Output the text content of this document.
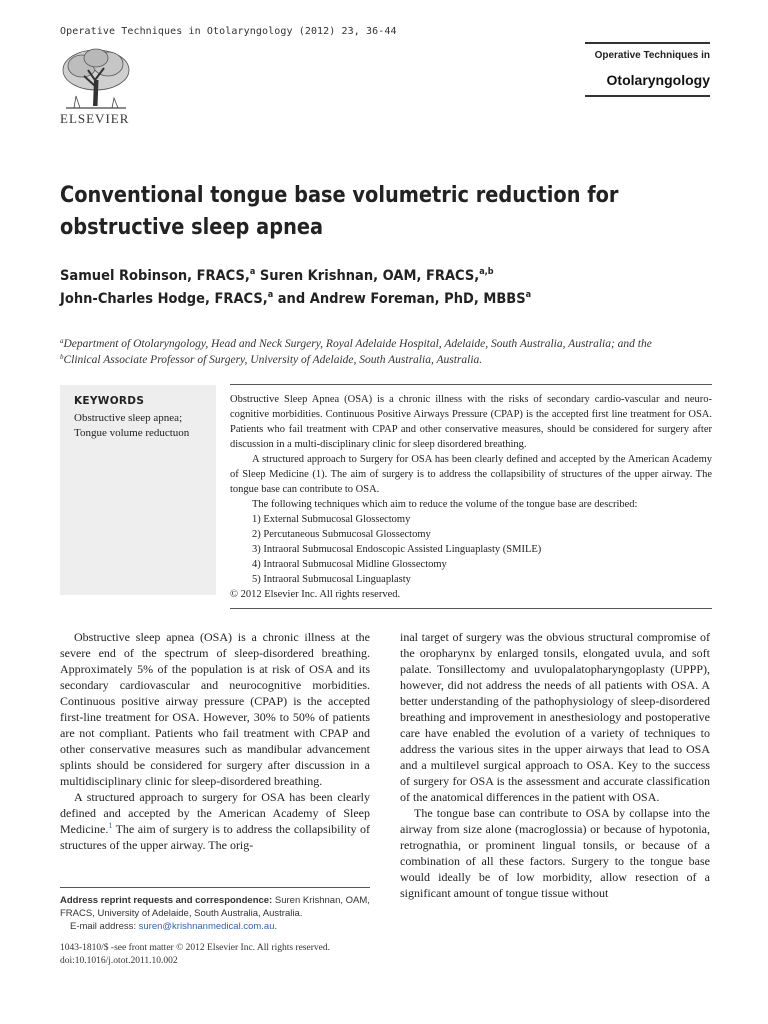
Operative Techniques in Otolaryngology (2012) 23, 36-44
ELSEVIER
Operative Techniques in
Otolaryngology
Conventional tongue base volumetric reduction for obstructive sleep apnea
Samuel Robinson, FRACS,$^a$ Suren Krishnan, OAM, FRACS,$^{a,b}$
John-Charles Hodge, FRACS,$^a$ and Andrew Foreman, PhD, MBBS$^a$
$^a$Department of Otolaryngology, Head and Neck Surgery, Royal Adelaide Hospital, Adelaide, South Australia, Australia; and the
$^b$Clinical Associate Professor of Surgery, University of Adelaide, South Australia, Australia.
KEYWORDS
Obstructive sleep apnea;
Tongue volume reductuon
Obstructive Sleep Apnea (OSA) is a chronic illness with the risks of secondary cardio-vascular and neuro-cognitive morbidities. Continuous Positive Airways Pressure (CPAP) is the accepted first line treatment for OSA. Patients who fail treatment with CPAP and other conservative measures, should be considered for surgery after discussion in a multi-disciplinary clinic for sleep disordered breathing.
A structured approach to Surgery for OSA has been clearly defined and accepted by the American Academy of Sleep Medicine (1). The aim of surgery is to address the collapsibility of structures of the upper airway. The tongue base can contribute to OSA.
The following techniques which aim to reduce the volume of the tongue base are described:
1) External Submucosal Glossectomy
2) Percutaneous Submucosal Glossectomy
3) Intraoral Submucosal Endoscopic Assisted Linguaplasty (SMILE)
4) Intraoral Submucosal Midline Glossectomy
5) Intraoral Submucosal Linguaplasty
© 2012 Elsevier Inc. All rights reserved.

Obstructive sleep apnea (OSA) is a chronic illness at the severe end of the spectrum of sleep-disordered breathing. Approximately 5% of the population is at risk of OSA and its secondary cardiovascular and neurocognitive morbidities. Continuous positive airway pressure (CPAP) is the accepted first-line treatment for OSA. However, 30% to 50% of patients are not compliant. Patients who fail treatment with CPAP and other conservative measures such as mandibular advancement splints should be considered for surgery after discussion in a multidisciplinary clinic for sleep-disordered breathing.

A structured approach to surgery for OSA has been clearly defined and accepted by the American Academy of Sleep Medicine.$^1$ The aim of surgery is to address the collapsibility of structures of the upper airway. The orig-

inal target of surgery was the obvious structural compromise of the oropharynx by enlarged tonsils, elongated uvula, and soft palate. Tonsillectomy and uvulopalatopharyngoplasty (UPPP), however, did not address the needs of all patients with OSA. A better understanding of the pathophysiology of sleep-disordered breathing and improvement in anesthesiology and postoperative care have enabled the evolution of a variety of techniques to address the various sites in the upper airways that lead to OSA and a multilevel surgical approach to OSA. Key to the success of surgery for OSA is the assessment and accurate classification of the anatomical differences in the patient with OSA.

The tongue base can contribute to OSA by collapse into the airway from size alone (macroglossia) or because of hypotonia, retrognathia, or prominent lingual tonsils, or because of a combination of all these factors. Surgery to the tongue base would ideally be of low morbidity, allow resection of a significant amount of tongue tissue without

Address reprint requests and correspondence: Suren Krishnan, OAM, FRACS, University of Adelaide, South Australia, Australia.
E-mail address: suren@krishnanmedical.com.au.
1043-1810/$ -see front matter © 2012 Elsevier Inc. All rights reserved.
doi:10.1016/j.otot.2011.10.002
